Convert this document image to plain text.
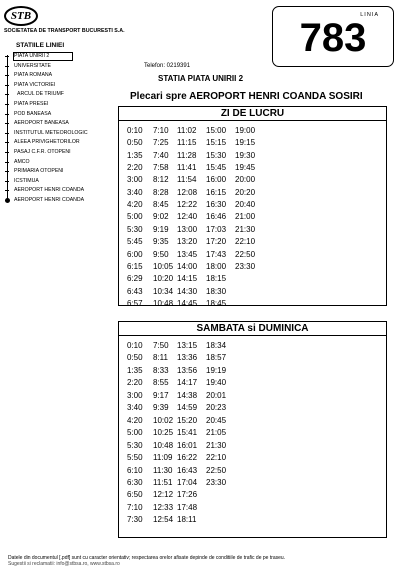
STB
SOCIETATEA DE TRANSPORT BUCURESTI S.A.
LINIA
783
STATIILE LINIEI
PIATA UNIRII 2
UNIVERSITATE
PIATA ROMANA
PIATA VICTORIEI
ARCUL DE TRIUMF
PIATA PRESEI
POD BANEASA
AEROPORT BANEASA
INSTITUTUL METEOROLOGIC
ALEEA PRIVIGHETORILOR
PASAJ C.F.R. OTOPENI
AMCO
PRIMARIA OTOPENI
ICSTIMUA
AEROPORT HENRI COANDA
AEROPORT HENRI COANDA
Telefon: 0219391
STATIA PIATA UNIRII 2
Plecari spre AEROPORT HENRI COANDA SOSIRI
ZI DE LUCRU
0:10 7:10 11:02 15:00 19:00
0:50 7:25 11:15 15:15 19:15
1:35 7:40 11:28 15:30 19:30
2:20 7:58 11:41 15:45 19:45
3:00 8:12 11:54 16:00 20:00
3:40 8:28 12:08 16:15 20:20
4:20 8:45 12:22 16:30 20:40
5:00 9:02 12:40 16:46 21:00
5:30 9:19 13:00 17:03 21:30
5:45 9:35 13:20 17:20 22:10
6:00 9:50 13:45 17:43 22:50
6:15 10:05 14:00 18:00 23:30
6:29 10:20 14:15 18:15
6:43 10:34 14:30 18:30
6:57 10:48 14:45 18:45
SAMBATA si DUMINICA
0:10 7:50 13:15 18:34
0:50 8:11 13:36 18:57
1:35 8:33 13:56 19:19
2:20 8:55 14:17 19:40
3:00 9:17 14:38 20:01
3:40 9:39 14:59 20:23
4:20 10:02 15:20 20:45
5:00 10:25 15:41 21:05
5:30 10:48 16:01 21:30
5:50 11:09 16:22 22:10
6:10 11:30 16:43 22:50
6:30 11:51 17:04 23:30
6:50 12:12 17:26
7:10 12:33 17:48
7:30 12:54 18:11
Datele din documentul [.pdf] sunt cu caracter orientativ; respectarea orelor afisate depinde de conditiile de trafic de pe traseu.
Sugestii si reclamatii: info@stbsa.ro, www.stbsa.ro
